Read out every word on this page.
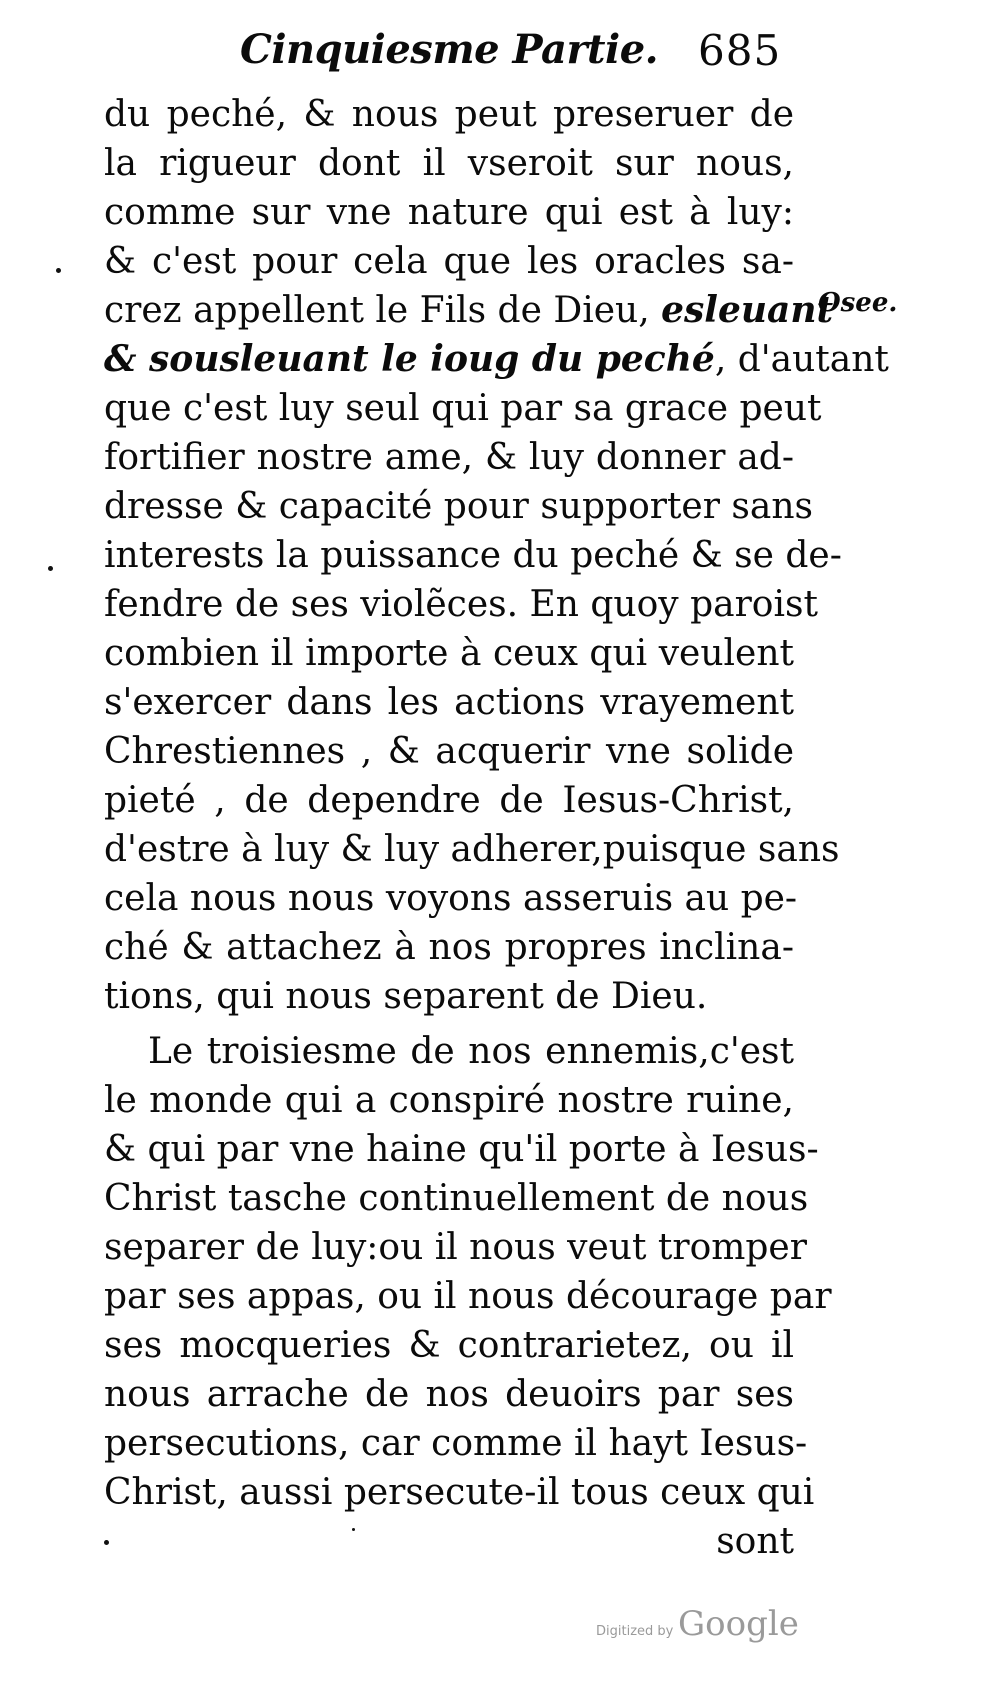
Cinquiesme Partie. 685
Osee.
du peché, & nous peut preseruer de
la rigueur dont il vseroit sur nous,
comme sur vne nature qui est à luy:
& c'est pour cela que les oracles sa-
crez appellent le Fils de Dieu, esleuant
& sousleuant le ioug du peché, d'autant
que c'est luy seul qui par sa grace peut
fortifier nostre ame, & luy donner ad-
dresse & capacité pour supporter sans
interests la puissance du peché & se de-
fendre de ses violẽces. En quoy paroist
combien il importe à ceux qui veulent
s'exercer dans les actions vrayement
Chrestiennes , & acquerir vne solide
pieté , de dependre de Iesus-Christ,
d'estre à luy & luy adherer,puisque sans
cela nous nous voyons asseruis au pe-
ché & attachez à nos propres inclina-
tions, qui nous separent de Dieu.
Le troisiesme de nos ennemis,c'est
le monde qui a conspiré nostre ruine,
& qui par vne haine qu'il porte à Iesus-
Christ tasche continuellement de nous
separer de luy:ou il nous veut tromper
par ses appas, ou il nous décourage par
ses mocqueries & contrarietez, ou il
nous arrache de nos deuoirs par ses
persecutions, car comme il hayt Iesus-
Christ, aussi persecute-il tous ceux qui
sont
Digitized by Google
